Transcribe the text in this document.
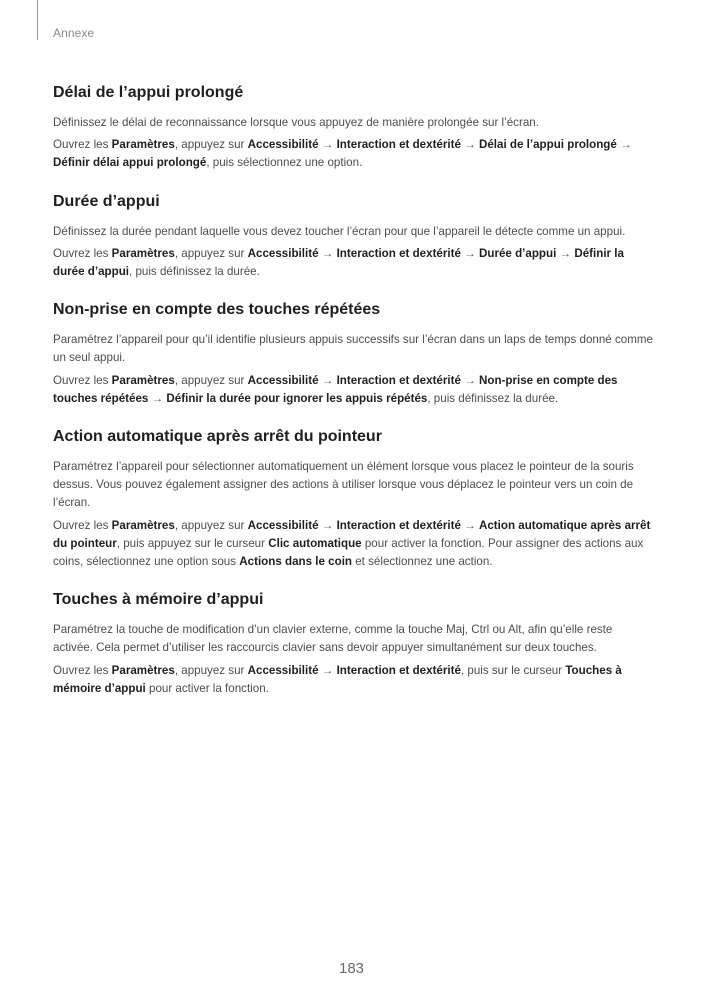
Annexe
Délai de l’appui prolongé

Définissez le délai de reconnaissance lorsque vous appuyez de manière prolongée sur l’écran.

Ouvrez les Paramètres, appuyez sur Accessibilité → Interaction et dextérité → Délai de l’appui prolongé → Définir délai appui prolongé, puis sélectionnez une option.

Durée d’appui

Définissez la durée pendant laquelle vous devez toucher l’écran pour que l’appareil le détecte comme un appui.

Ouvrez les Paramètres, appuyez sur Accessibilité → Interaction et dextérité → Durée d’appui → Définir la durée d’appui, puis définissez la durée.

Non-prise en compte des touches répétées

Paramétrez l’appareil pour qu’il identifie plusieurs appuis successifs sur l’écran dans un laps de temps donné comme un seul appui.

Ouvrez les Paramètres, appuyez sur Accessibilité → Interaction et dextérité → Non-prise en compte des touches répétées → Définir la durée pour ignorer les appuis répétés, puis définissez la durée.

Action automatique après arrêt du pointeur

Paramétrez l’appareil pour sélectionner automatiquement un élément lorsque vous placez le pointeur de la souris dessus. Vous pouvez également assigner des actions à utiliser lorsque vous déplacez le pointeur vers un coin de l’écran.

Ouvrez les Paramètres, appuyez sur Accessibilité → Interaction et dextérité → Action automatique après arrêt du pointeur, puis appuyez sur le curseur Clic automatique pour activer la fonction. Pour assigner des actions aux coins, sélectionnez une option sous Actions dans le coin et sélectionnez une action.

Touches à mémoire d’appui

Paramétrez la touche de modification d’un clavier externe, comme la touche Maj, Ctrl ou Alt, afin qu’elle reste activée. Cela permet d’utiliser les raccourcis clavier sans devoir appuyer simultanément sur deux touches.

Ouvrez les Paramètres, appuyez sur Accessibilité → Interaction et dextérité, puis sur le curseur Touches à mémoire d’appui pour activer la fonction.

183
